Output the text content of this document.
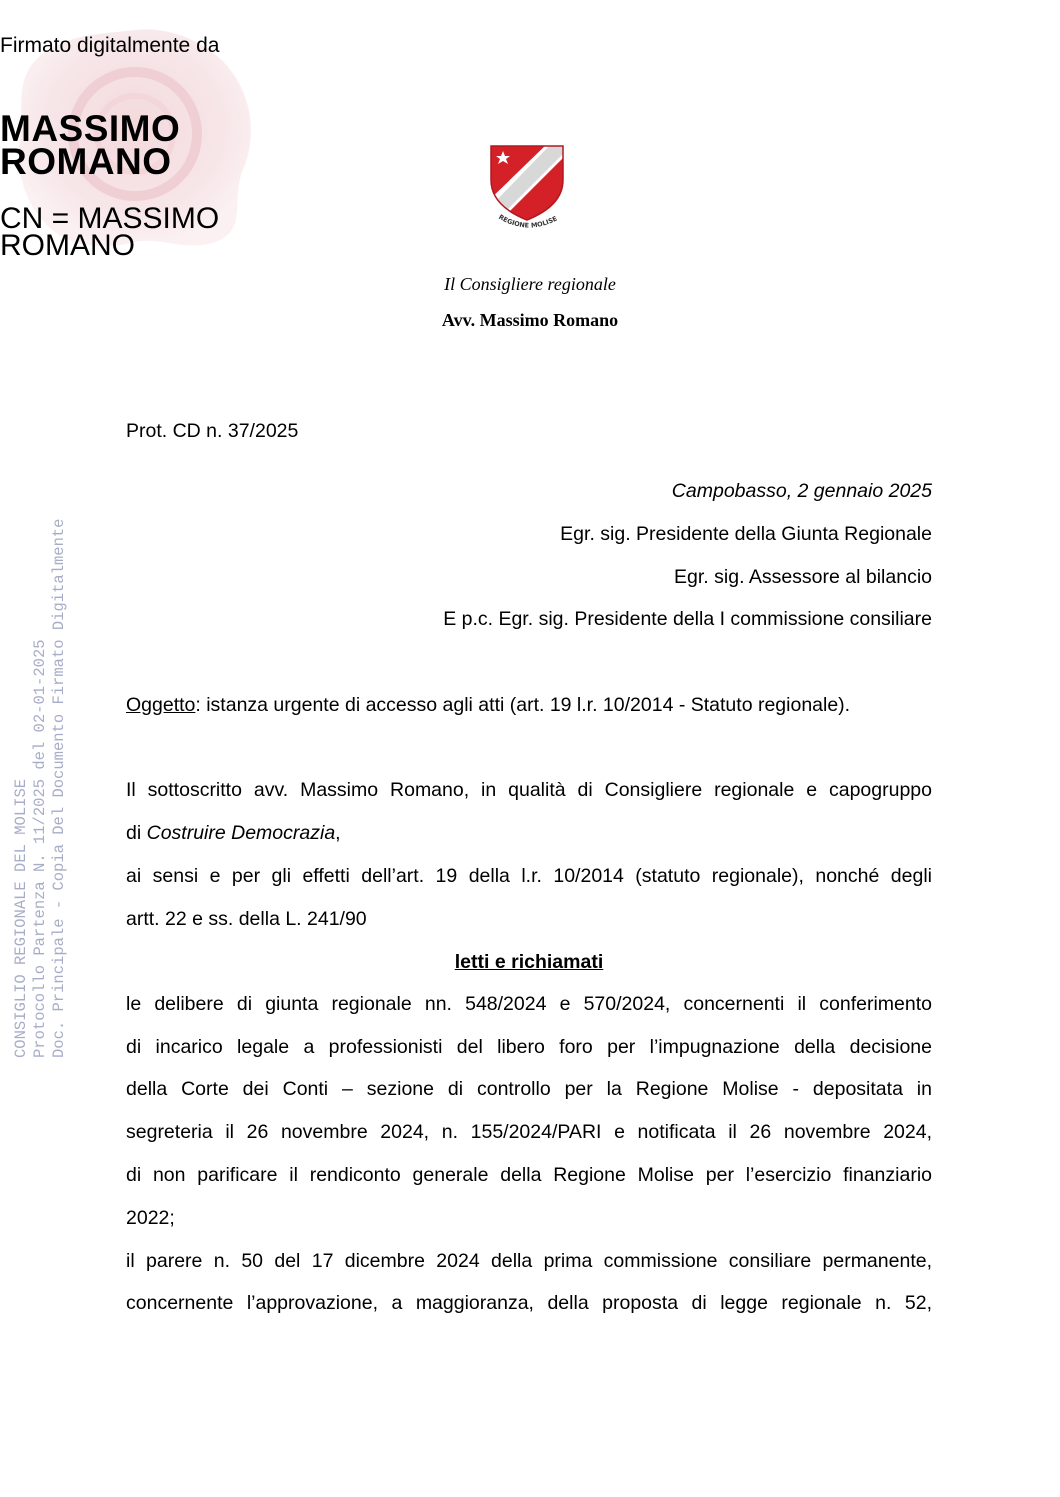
Firmato digitalmente da
MASSIMO
ROMANO
CN = MASSIMO
ROMANO
REGIONE MOLISE
Il Consigliere regionale
Avv. Massimo Romano
CONSIGLIO REGIONALE DEL MOLISE Protocollo Partenza N. 11/2025 del 02-01-2025 Doc. Principale - Copia Del Documento Firmato Digitalmente
Prot. CD n. 37/2025
Campobasso, 2 gennaio 2025
Egr. sig. Presidente della Giunta Regionale
Egr. sig. Assessore al bilancio
E p.c. Egr. sig. Presidente della I commissione consiliare
Oggetto: istanza urgente di accesso agli atti (art. 19 l.r. 10/2014 - Statuto regionale).
Il sottoscritto avv. Massimo Romano, in qualità di Consigliere regionale e capogruppo
di Costruire Democrazia,
ai sensi e per gli effetti dell’art. 19 della l.r. 10/2014 (statuto regionale), nonché degli
artt. 22 e ss. della L. 241/90
letti e richiamati
le delibere di giunta regionale nn. 548/2024 e 570/2024, concernenti il conferimento
di incarico legale a professionisti del libero foro per l’impugnazione della decisione
della Corte dei Conti – sezione di controllo per la Regione Molise - depositata in
segreteria il 26 novembre 2024, n. 155/2024/PARI e notificata il 26 novembre 2024,
di non parificare il rendiconto generale della Regione Molise per l’esercizio finanziario
2022;
il parere n. 50 del 17 dicembre 2024 della prima commissione consiliare permanente,
concernente l’approvazione, a maggioranza, della proposta di legge regionale n. 52,
